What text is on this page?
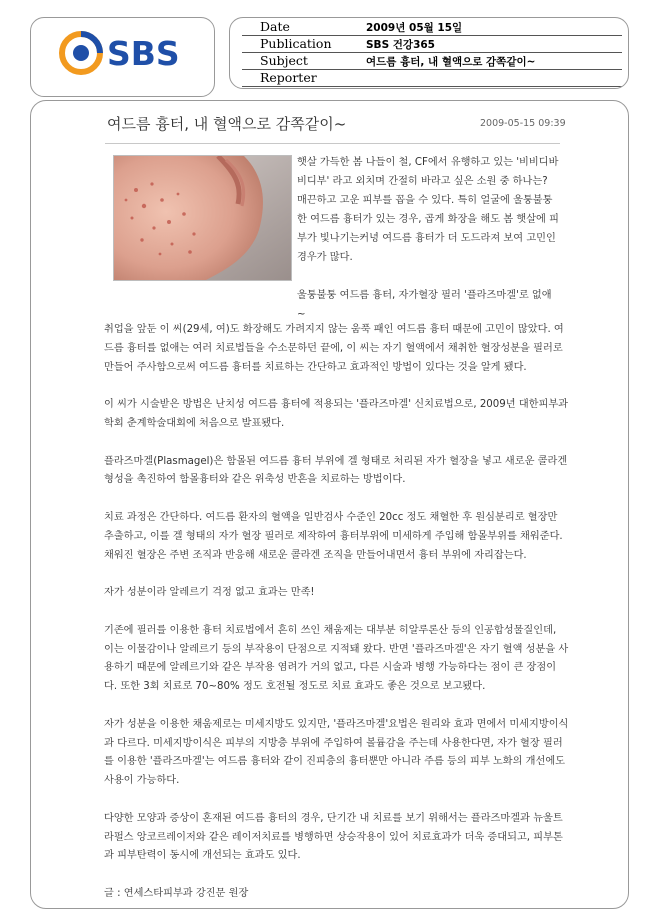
SBS
Date	2009년 05월 15일
Publication	SBS 건강365
Subject	여드름 흉터, 내 혈액으로 감쪽같이~
Reporter
여드름 흉터, 내 혈액으로 감쪽같이~	2009-05-15 09:39

햇살 가득한 봄 나들이 철, CF에서 유행하고 있는 '비비디바비디부' 라고 외치며 간절히 바라고 싶은 소원 중 하나는? 매끈하고 고운 피부를 꼽을 수 있다. 특히 얼굴에 울퉁불퉁한 여드름 흉터가 있는 경우, 곱게 화장을 해도 봄 햇살에 피부가 빛나기는커녕 여드름 흉터가 더 도드라져 보여 고민인 경우가 많다.

울퉁불퉁 여드름 흉터, 자가혈장 필러 '플라즈마겔'로 없애~

취업을 앞둔 이 씨(29세, 여)도 화장해도 가려지지 않는 움푹 패인 여드름 흉터 때문에 고민이 많았다. 여드름 흉터를 없애는 여러 치료법들을 수소문하던 끝에, 이 씨는 자기 혈액에서 채취한 혈장성분을 필러로 만들어 주사함으로써 여드름 흉터를 치료하는 간단하고 효과적인 방법이 있다는 것을 알게 됐다.

이 씨가 시술받은 방법은 난치성 여드름 흉터에 적용되는 '플라즈마겔' 신치료법으로, 2009년 대한피부과학회 춘계학술대회에 처음으로 발표됐다.

플라즈마겔(Plasmagel)은 함몰된 여드름 흉터 부위에 겔 형태로 처리된 자가 혈장을 넣고 새로운 콜라겐 형성을 촉진하여 함몰흉터와 같은 위축성 반흔을 치료하는 방법이다.

치료 과정은 간단하다. 여드름 환자의 혈액을 일반검사 수준인 20cc 정도 채혈한 후 원심분리로 혈장만 추출하고, 이를 겔 형태의 자가 혈장 필러로 제작하여 흉터부위에 미세하게 주입해 함몰부위를 채워준다. 채워진 혈장은 주변 조직과 반응해 새로운 콜라겐 조직을 만들어내면서 흉터 부위에 자리잡는다.

자가 성분이라 알레르기 걱정 없고 효과는 만족!

기존에 필러를 이용한 흉터 치료법에서 흔히 쓰인 채움제는 대부분 히알루론산 등의 인공합성물질인데, 이는 이물감이나 알레르기 등의 부작용이 단점으로 지적돼 왔다. 반면 '플라즈마겔'은 자기 혈액 성분을 사용하기 때문에 알레르기와 같은 부작용 염려가 거의 없고, 다른 시술과 병행 가능하다는 점이 큰 장점이다. 또한 3회 치료로 70~80% 정도 호전될 정도로 치료 효과도 좋은 것으로 보고됐다.

자가 성분을 이용한 채움제로는 미세지방도 있지만, '플라즈마겔'요법은 원리와 효과 면에서 미세지방이식과 다르다. 미세지방이식은 피부의 지방층 부위에 주입하여 볼륨감을 주는데 사용한다면, 자가 혈장 필러를 이용한 '플라즈마겔'는 여드름 흉터와 같이 진피층의 흉터뿐만 아니라 주름 등의 피부 노화의 개선에도 사용이 가능하다.

다양한 모양과 증상이 혼재된 여드름 흉터의 경우, 단기간 내 치료를 보기 위해서는 플라즈마겔과 뉴울트라펄스 앙코르레이저와 같은 레이저치료를 병행하면 상승작용이 있어 치료효과가 더욱 증대되고, 피부톤과 피부탄력이 동시에 개선되는 효과도 있다.

글 : 연세스타피부과 강진문 원장
